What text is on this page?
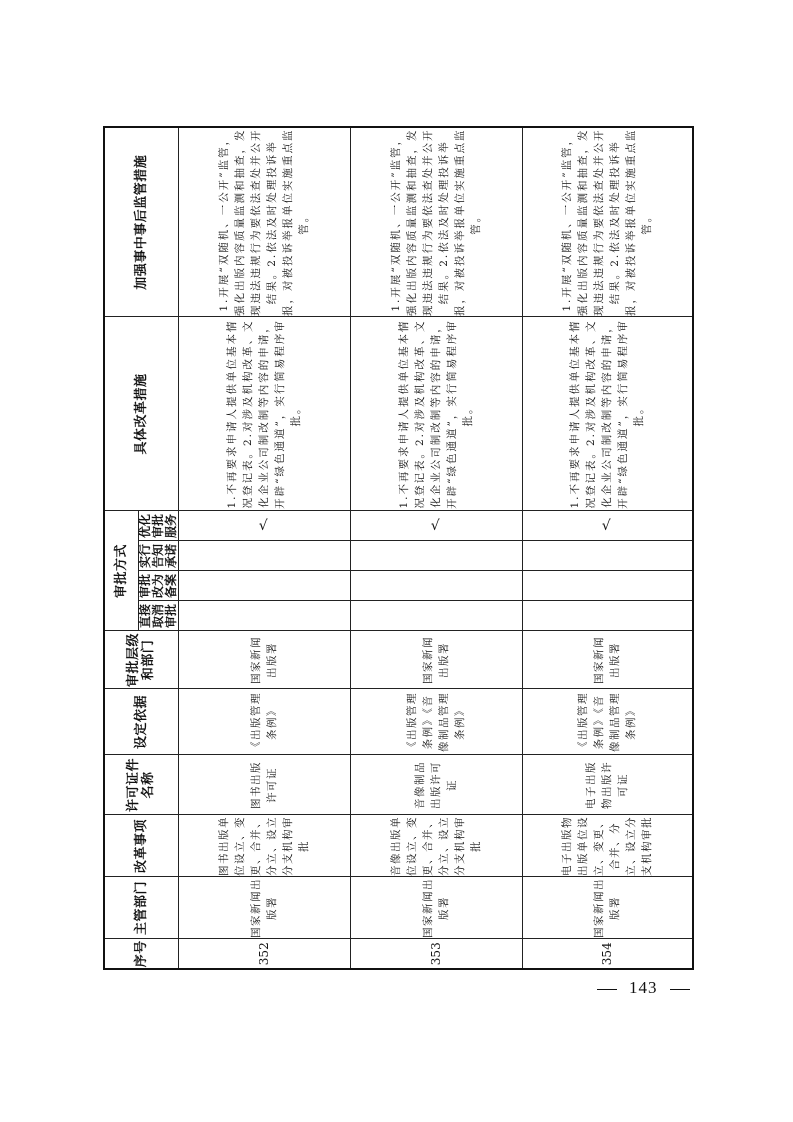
序号	主管部门	改革事项	许可证件名称	设定依据	审批层级和部门	审批方式				具体改革措施	加强事中事后监管措施
						直接取消审批	审批改为备案	实行告知承诺	优化审批服务		
352	国家新闻出版署	图书出版单位设立、变更、合并、分立、设立分支机构审批	图书出版许可证	《出版管理条例》	国家新闻出版署				√	1.不再要求申请人提供单位基本情况登记表。2.对涉及机构改革、文化企业公司制改制等内容的申请，开辟“绿色通道”，实行简易程序审批。	1.开展“双随机、一公开”监管，强化出版内容质量监测和抽查，发现违法违规行为要依法查处并公开结果。2.依法及时处理投诉举报，对被投诉举报单位实施重点监管。
353	国家新闻出版署	音像出版单位设立、变更、合并、分立、设立分支机构审批	音像制品出版许可证	《出版管理条例》《音像制品管理条例》	国家新闻出版署				√	1.不再要求申请人提供单位基本情况登记表。2.对涉及机构改革、文化企业公司制改制等内容的申请，开辟“绿色通道”，实行简易程序审批。	1.开展“双随机、一公开”监管，强化出版内容质量监测和抽查，发现违法违规行为要依法查处并公开结果。2.依法及时处理投诉举报，对被投诉举报单位实施重点监管。
354	国家新闻出版署	电子出版物出版单位设立、变更、合并、分立、设立分支机构审批	电子出版物出版许可证	《出版管理条例》《音像制品管理条例》	国家新闻出版署				√	1.不再要求申请人提供单位基本情况登记表。2.对涉及机构改革、文化企业公司制改制等内容的申请，开辟“绿色通道”，实行简易程序审批。	1.开展“双随机、一公开”监管，强化出版内容质量监测和抽查，发现违法违规行为要依法查处并公开结果。2.依法及时处理投诉举报，对被投诉举报单位实施重点监管。
143
